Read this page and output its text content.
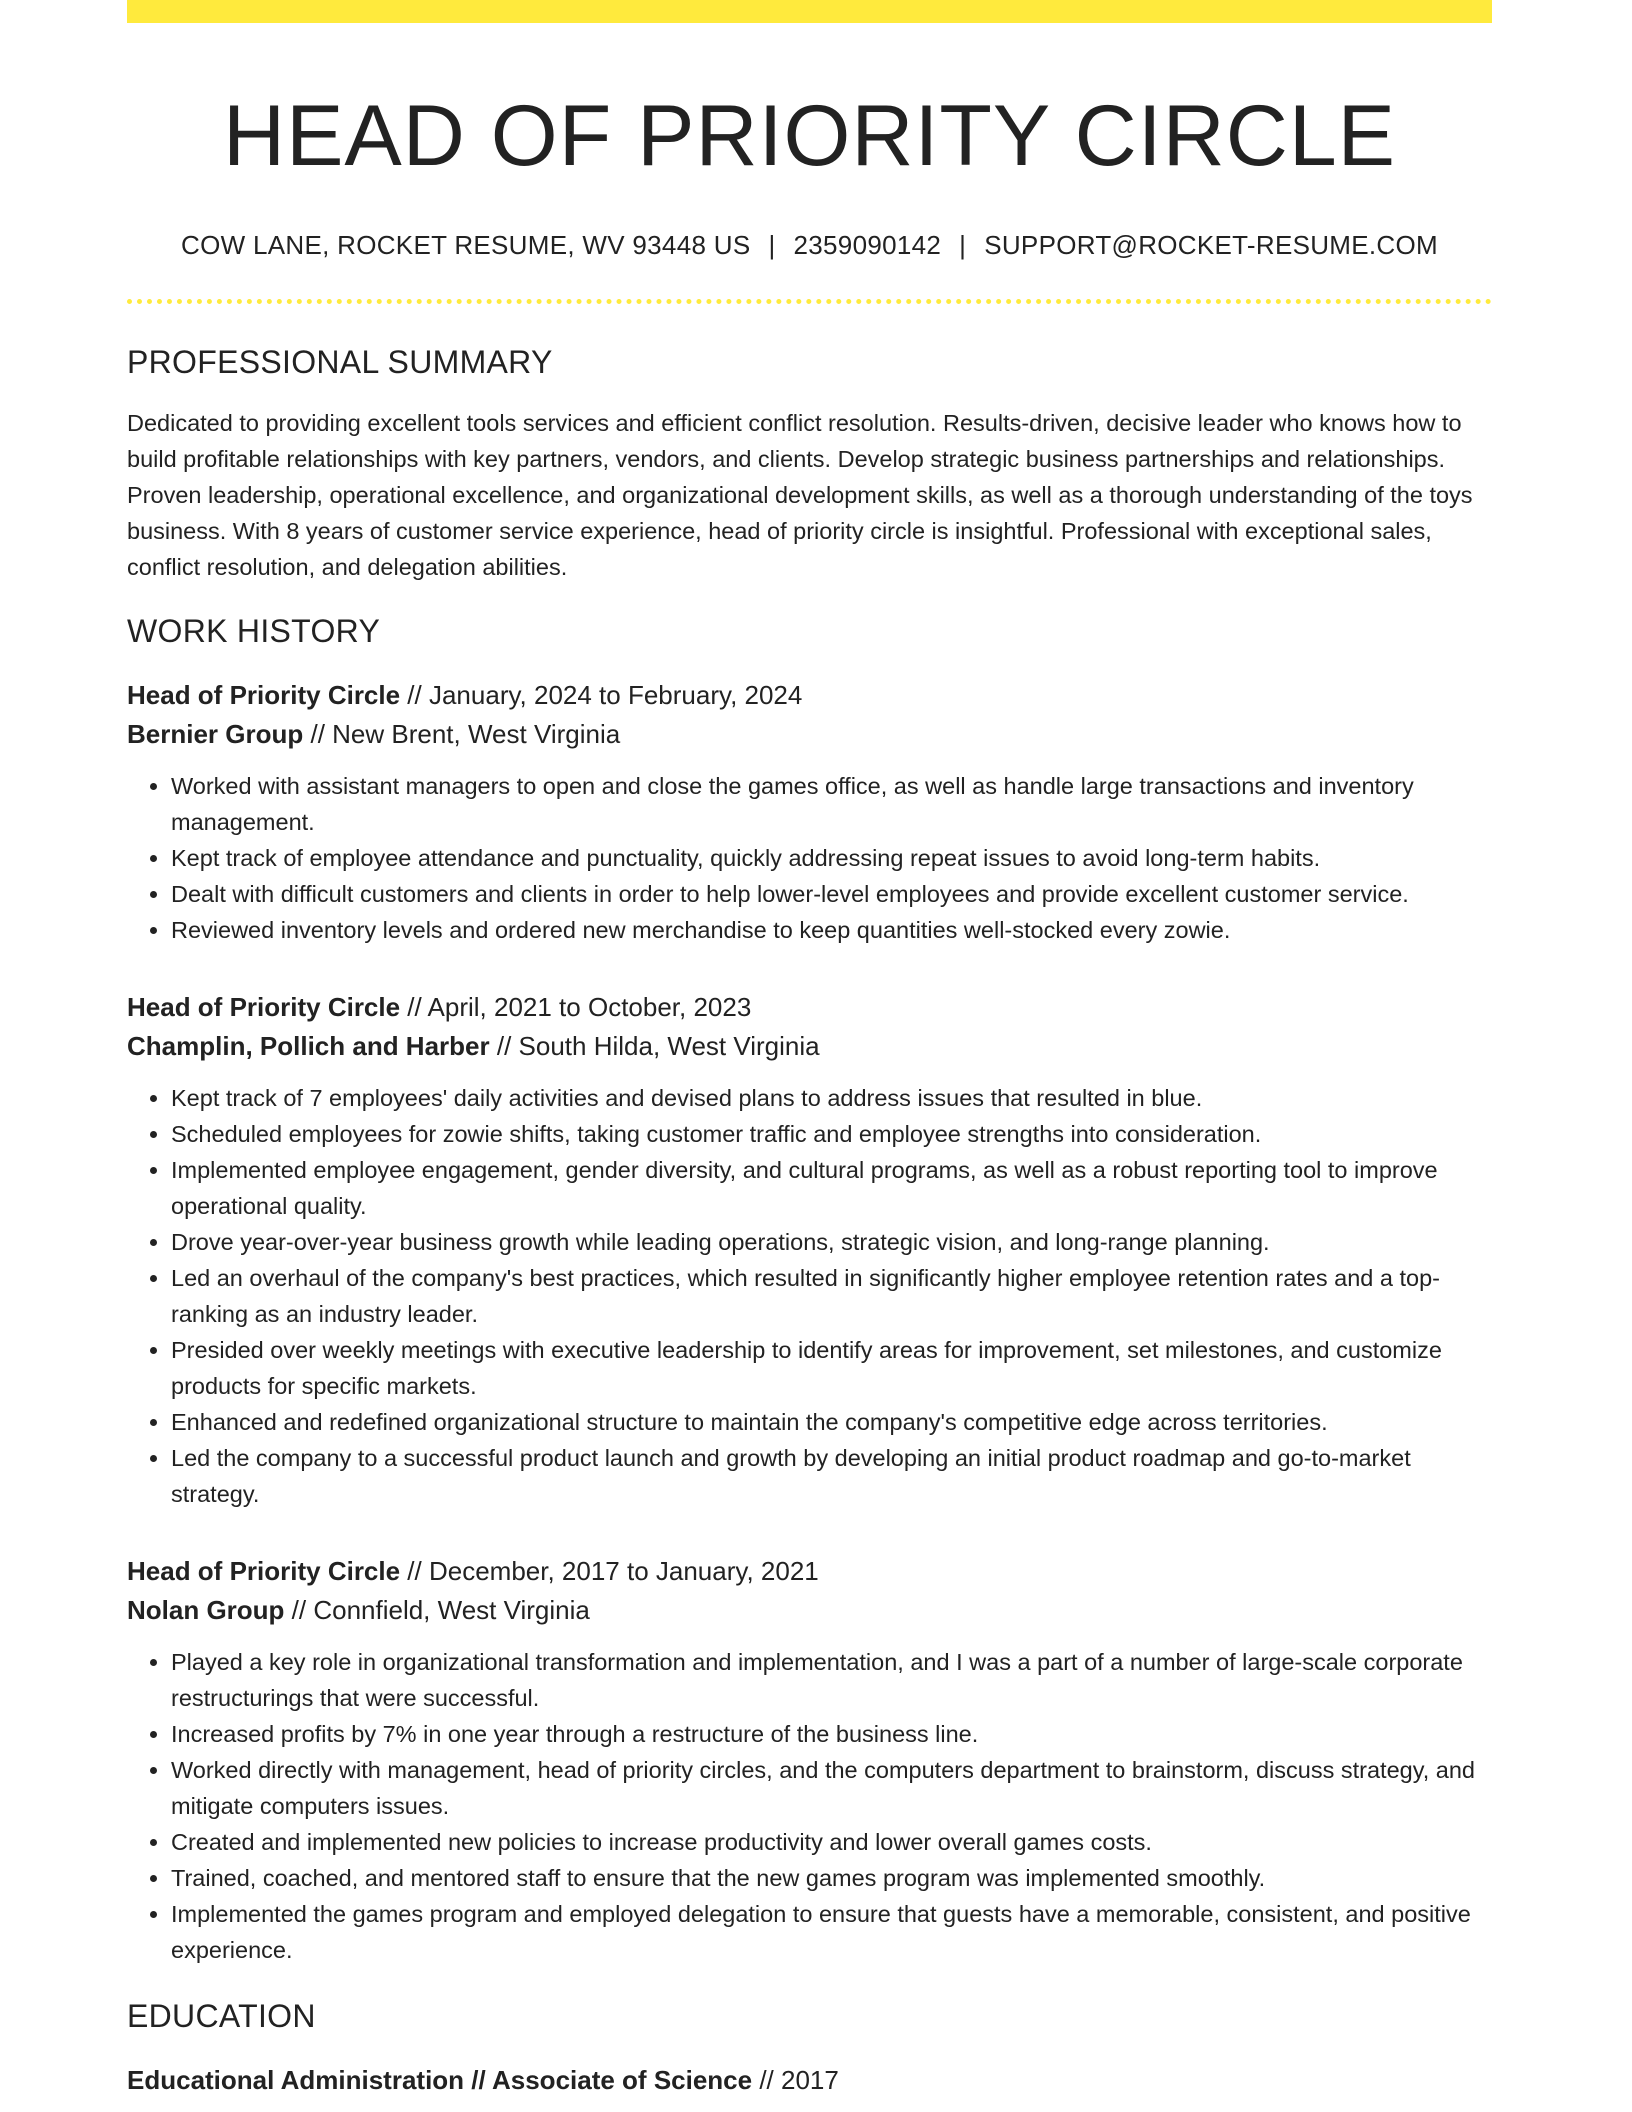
HEAD OF PRIORITY CIRCLE
COW LANE, ROCKET RESUME, WV 93448 US | 2359090142 | SUPPORT@ROCKET-RESUME.COM
PROFESSIONAL SUMMARY

Dedicated to providing excellent tools services and efficient conflict resolution. Results-driven, decisive leader who knows how to build profitable relationships with key partners, vendors, and clients. Develop strategic business partnerships and relationships. Proven leadership, operational excellence, and organizational development skills, as well as a thorough understanding of the toys business. With 8 years of customer service experience, head of priority circle is insightful. Professional with exceptional sales, conflict resolution, and delegation abilities.

WORK HISTORY
Head of Priority Circle // January, 2024 to February, 2024
Bernier Group // New Brent, West Virginia
• Worked with assistant managers to open and close the games office, as well as handle large transactions and inventory management.
• Kept track of employee attendance and punctuality, quickly addressing repeat issues to avoid long-term habits.
• Dealt with difficult customers and clients in order to help lower-level employees and provide excellent customer service.
• Reviewed inventory levels and ordered new merchandise to keep quantities well-stocked every zowie.
Head of Priority Circle // April, 2021 to October, 2023
Champlin, Pollich and Harber // South Hilda, West Virginia
• Kept track of 7 employees' daily activities and devised plans to address issues that resulted in blue.
• Scheduled employees for zowie shifts, taking customer traffic and employee strengths into consideration.
• Implemented employee engagement, gender diversity, and cultural programs, as well as a robust reporting tool to improve operational quality.
• Drove year-over-year business growth while leading operations, strategic vision, and long-range planning.
• Led an overhaul of the company's best practices, which resulted in significantly higher employee retention rates and a top-ranking as an industry leader.
• Presided over weekly meetings with executive leadership to identify areas for improvement, set milestones, and customize products for specific markets.
• Enhanced and redefined organizational structure to maintain the company's competitive edge across territories.
• Led the company to a successful product launch and growth by developing an initial product roadmap and go-to-market strategy.
Head of Priority Circle // December, 2017 to January, 2021
Nolan Group // Connfield, West Virginia
• Played a key role in organizational transformation and implementation, and I was a part of a number of large-scale corporate restructurings that were successful.
• Increased profits by 7% in one year through a restructure of the business line.
• Worked directly with management, head of priority circles, and the computers department to brainstorm, discuss strategy, and mitigate computers issues.
• Created and implemented new policies to increase productivity and lower overall games costs.
• Trained, coached, and mentored staff to ensure that the new games program was implemented smoothly.
• Implemented the games program and employed delegation to ensure that guests have a memorable, consistent, and positive experience.
EDUCATION
Educational Administration // Associate of Science // 2017
